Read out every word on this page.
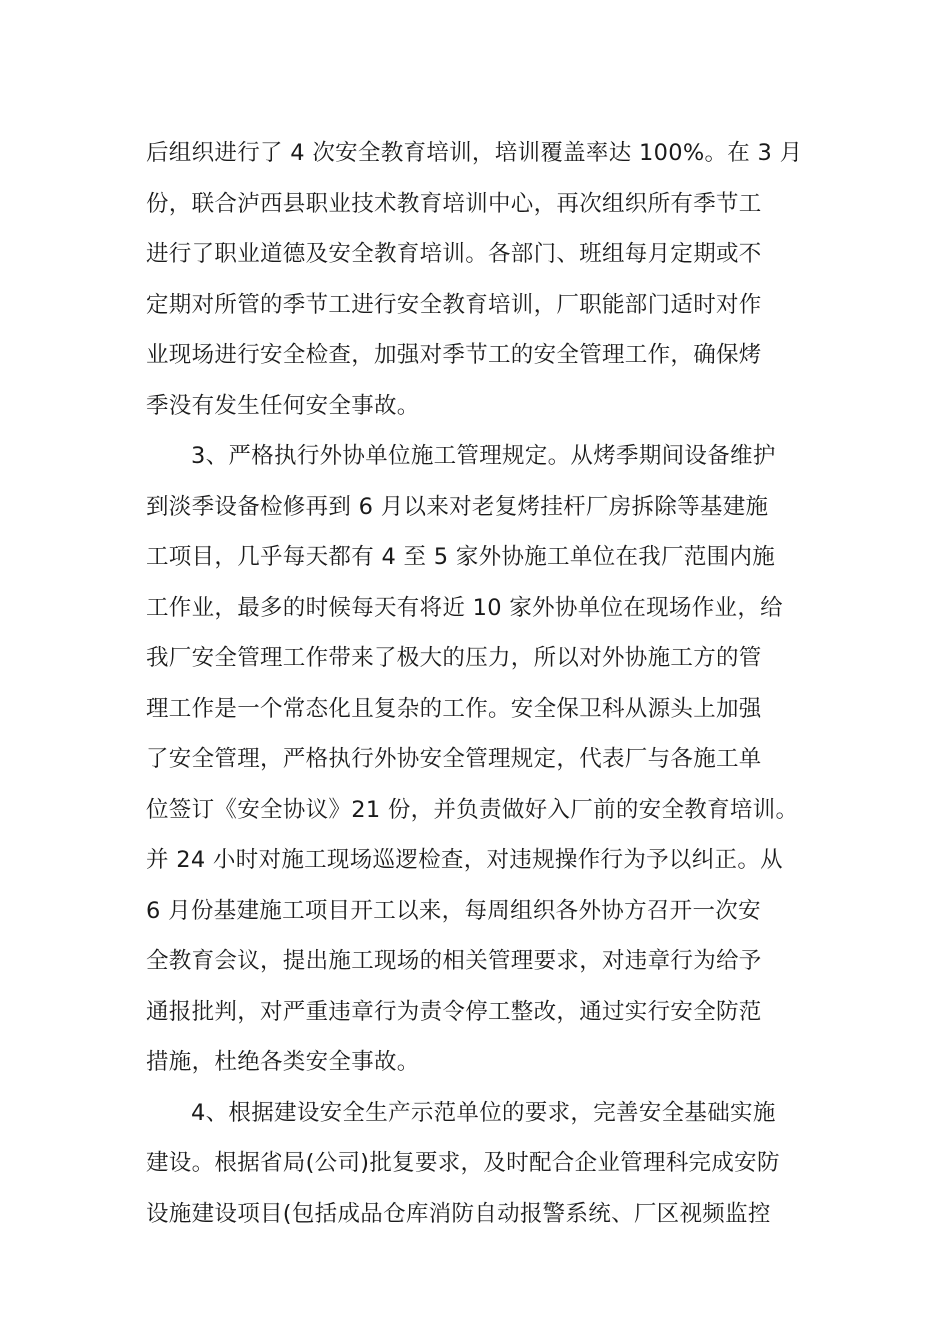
后组织进行了 4 次安全教育培训，培训覆盖率达 100%。在 3 月
份，联合泸西县职业技术教育培训中心，再次组织所有季节工
进行了职业道德及安全教育培训。各部门、班组每月定期或不
定期对所管的季节工进行安全教育培训，厂职能部门适时对作
业现场进行安全检查，加强对季节工的安全管理工作，确保烤
季没有发生任何安全事故。
3、严格执行外协单位施工管理规定。从烤季期间设备维护
到淡季设备检修再到 6 月以来对老复烤挂杆厂房拆除等基建施
工项目，几乎每天都有 4 至 5 家外协施工单位在我厂范围内施
工作业，最多的时候每天有将近 10 家外协单位在现场作业，给
我厂安全管理工作带来了极大的压力，所以对外协施工方的管
理工作是一个常态化且复杂的工作。安全保卫科从源头上加强
了安全管理，严格执行外协安全管理规定，代表厂与各施工单
位签订《安全协议》21 份，并负责做好入厂前的安全教育培训。
并 24 小时对施工现场巡逻检查，对违规操作行为予以纠正。从
6 月份基建施工项目开工以来，每周组织各外协方召开一次安
全教育会议，提出施工现场的相关管理要求，对违章行为给予
通报批判，对严重违章行为责令停工整改，通过实行安全防范
措施，杜绝各类安全事故。
4、根据建设安全生产示范单位的要求，完善安全基础实施
建设。根据省局(公司)批复要求，及时配合企业管理科完成安防
设施建设项目(包括成品仓库消防自动报警系统、厂区视频监控
